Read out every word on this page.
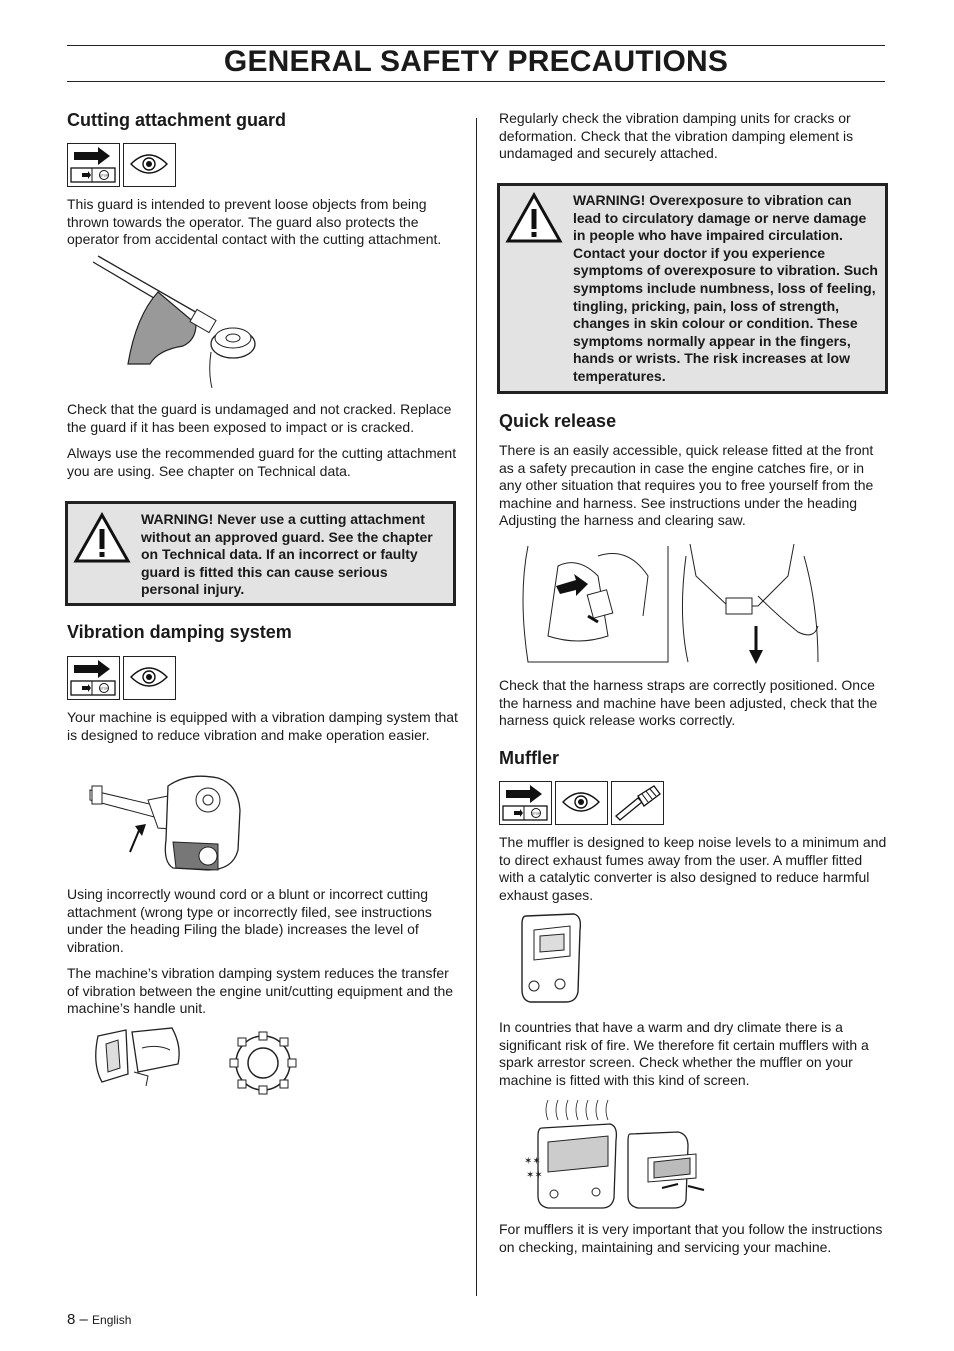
GENERAL SAFETY PRECAUTIONS
Cutting attachment guard
STOP

This guard is intended to prevent loose objects from being thrown towards the operator. The guard also protects the operator from accidental contact with the cutting attachment.

Check that the guard is undamaged and not cracked. Replace the guard if it has been exposed to impact or is cracked.

Always use the recommended guard for the cutting attachment you are using. See chapter on Technical data.

WARNING! Never use a cutting attachment without an approved guard. See the chapter on Technical data. If an incorrect or faulty guard is fitted this can cause serious personal injury.
Vibration damping system
STOP

Your machine is equipped with a vibration damping system that is designed to reduce vibration and make operation easier.

Using incorrectly wound cord or a blunt or incorrect cutting attachment (wrong type or incorrectly filed, see instructions under the heading Filing the blade) increases the level of vibration.

The machine’s vibration damping system reduces the transfer of vibration between the engine unit/cutting equipment and the machine’s handle unit.

Regularly check the vibration damping units for cracks or deformation. Check that the vibration damping element is undamaged and securely attached.

WARNING! Overexposure to vibration can lead to circulatory damage or nerve damage in people who have impaired circulation. Contact your doctor if you experience symptoms of overexposure to vibration. Such symptoms include numbness, loss of feeling, tingling, pricking, pain, loss of strength, changes in skin colour or condition. These symptoms normally appear in the fingers, hands or wrists. The risk increases at low temperatures.
Quick release

There is an easily accessible, quick release fitted at the front as a safety precaution in case the engine catches fire, or in any other situation that requires you to free yourself from the machine and harness. See instructions under the heading Adjusting the harness and clearing saw.

Check that the harness straps are correctly positioned. Once the harness and machine have been adjusted, check that the harness quick release works correctly.

Muffler
STOP

The muffler is designed to keep noise levels to a minimum and to direct exhaust fumes away from the user. A muffler fitted with a catalytic converter is also designed to reduce harmful exhaust gases.

In countries that have a warm and dry climate there is a significant risk of fire. We therefore fit certain mufflers with a spark arrestor screen. Check whether the muffler on your machine is fitted with this kind of screen.

✶✶
✶✶

For mufflers it is very important that you follow the instructions on checking, maintaining and servicing your machine.

8 – English
